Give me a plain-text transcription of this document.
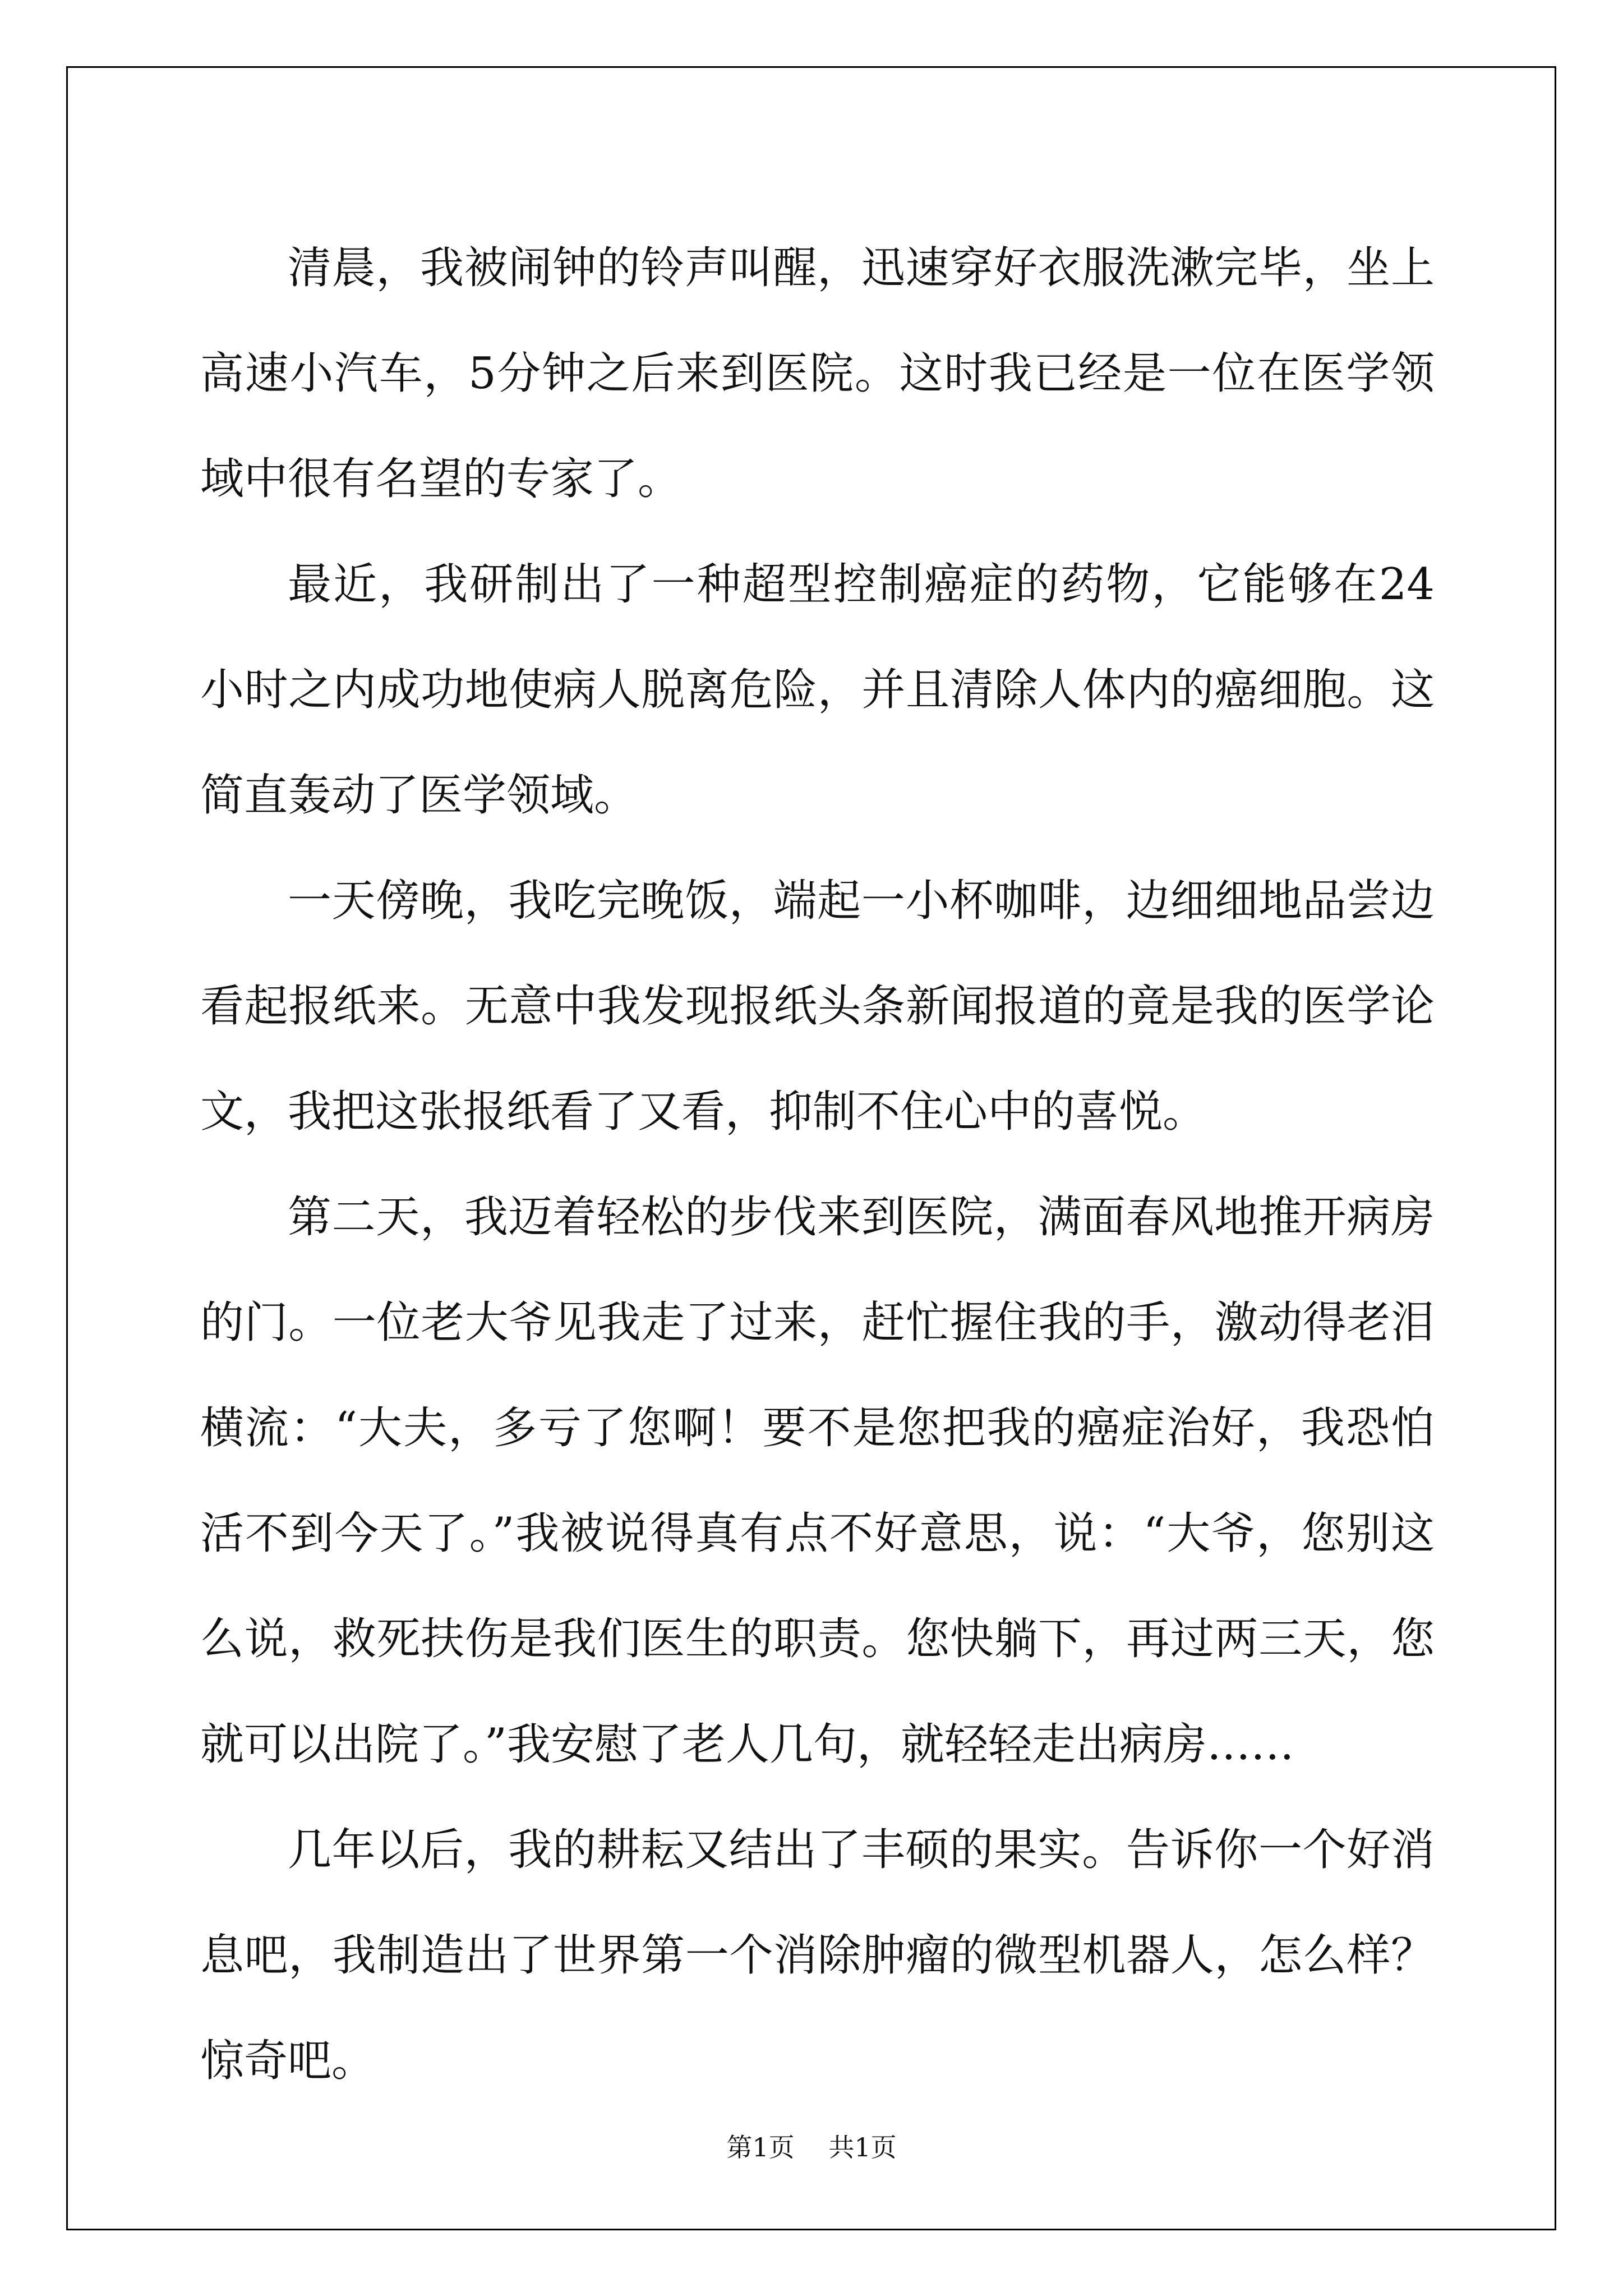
清晨，我被闹钟的铃声叫醒，迅速穿好衣服洗漱完毕，坐上高速小汽车，5分钟之后来到医院。这时我已经是一位在医学领域中很有名望的专家了。

最近，我研制出了一种超型控制癌症的药物，它能够在24小时之内成功地使病人脱离危险，并且清除人体内的癌细胞。这简直轰动了医学领域。

一天傍晚，我吃完晚饭，端起一小杯咖啡，边细细地品尝边看起报纸来。无意中我发现报纸头条新闻报道的竟是我的医学论文，我把这张报纸看了又看，抑制不住心中的喜悦。

第二天，我迈着轻松的步伐来到医院，满面春风地推开病房的门。一位老大爷见我走了过来，赶忙握住我的手，激动得老泪横流：“大夫，多亏了您啊！要不是您把我的癌症治好，我恐怕活不到今天了。”我被说得真有点不好意思，说：“大爷，您别这么说，救死扶伤是我们医生的职责。您快躺下，再过两三天，您就可以出院了。”我安慰了老人几句，就轻轻走出病房……

几年以后，我的耕耘又结出了丰硕的果实。告诉你一个好消息吧，我制造出了世界第一个消除肿瘤的微型机器人，怎么样？惊奇吧。

第1页 共1页
